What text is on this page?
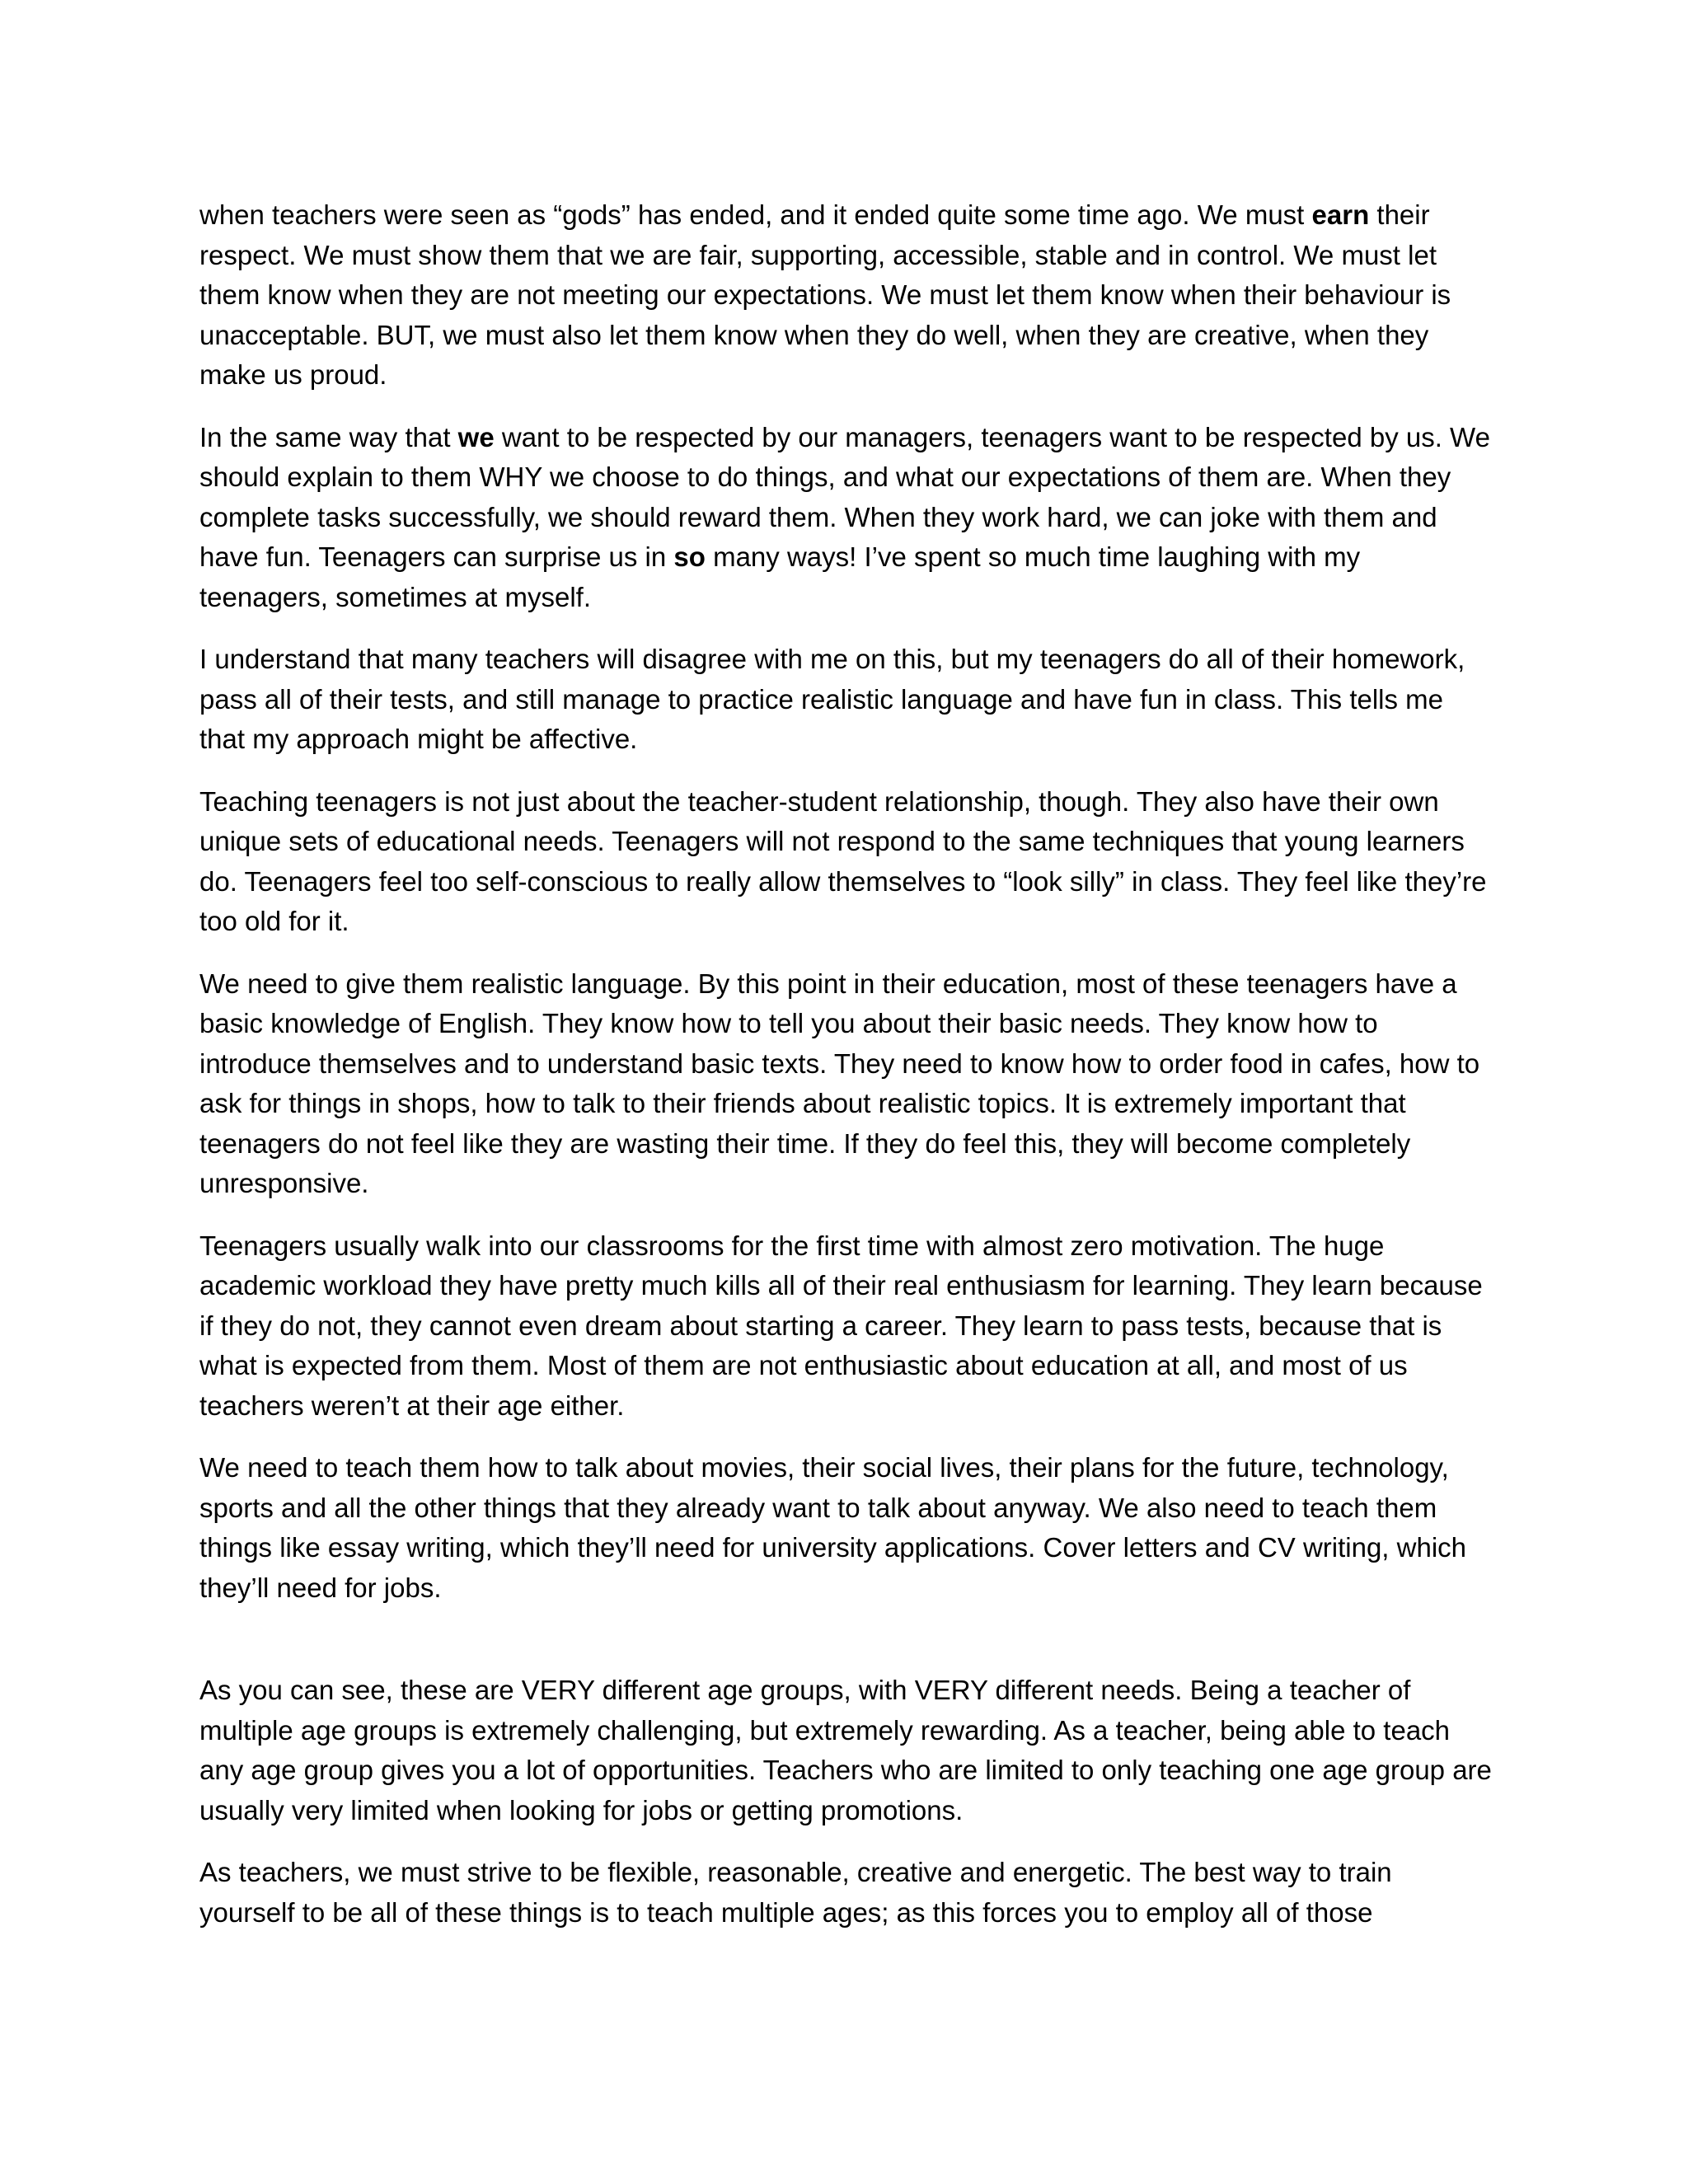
when teachers were seen as “gods” has ended, and it ended quite some time ago. We must earn their respect. We must show them that we are fair, supporting, accessible, stable and in control. We must let them know when they are not meeting our expectations. We must let them know when their behaviour is unacceptable. BUT, we must also let them know when they do well, when they are creative, when they make us proud.

In the same way that we want to be respected by our managers, teenagers want to be respected by us. We should explain to them WHY we choose to do things, and what our expectations of them are. When they complete tasks successfully, we should reward them. When they work hard, we can joke with them and have fun. Teenagers can surprise us in so many ways! I’ve spent so much time laughing with my teenagers, sometimes at myself.

I understand that many teachers will disagree with me on this, but my teenagers do all of their homework, pass all of their tests, and still manage to practice realistic language and have fun in class. This tells me that my approach might be affective.

Teaching teenagers is not just about the teacher-student relationship, though. They also have their own unique sets of educational needs. Teenagers will not respond to the same techniques that young learners do. Teenagers feel too self-conscious to really allow themselves to “look silly” in class. They feel like they’re too old for it.

We need to give them realistic language. By this point in their education, most of these teenagers have a basic knowledge of English. They know how to tell you about their basic needs. They know how to introduce themselves and to understand basic texts. They need to know how to order food in cafes, how to ask for things in shops, how to talk to their friends about realistic topics. It is extremely important that teenagers do not feel like they are wasting their time. If they do feel this, they will become completely unresponsive.

Teenagers usually walk into our classrooms for the first time with almost zero motivation. The huge academic workload they have pretty much kills all of their real enthusiasm for learning. They learn because if they do not, they cannot even dream about starting a career. They learn to pass tests, because that is what is expected from them. Most of them are not enthusiastic about education at all, and most of us teachers weren’t at their age either.

We need to teach them how to talk about movies, their social lives, their plans for the future, technology, sports and all the other things that they already want to talk about anyway. We also need to teach them things like essay writing, which they’ll need for university applications. Cover letters and CV writing, which they’ll need for jobs.

As you can see, these are VERY different age groups, with VERY different needs. Being a teacher of multiple age groups is extremely challenging, but extremely rewarding. As a teacher, being able to teach any age group gives you a lot of opportunities. Teachers who are limited to only teaching one age group are usually very limited when looking for jobs or getting promotions.

As teachers, we must strive to be flexible, reasonable, creative and energetic. The best way to train yourself to be all of these things is to teach multiple ages; as this forces you to employ all of those
